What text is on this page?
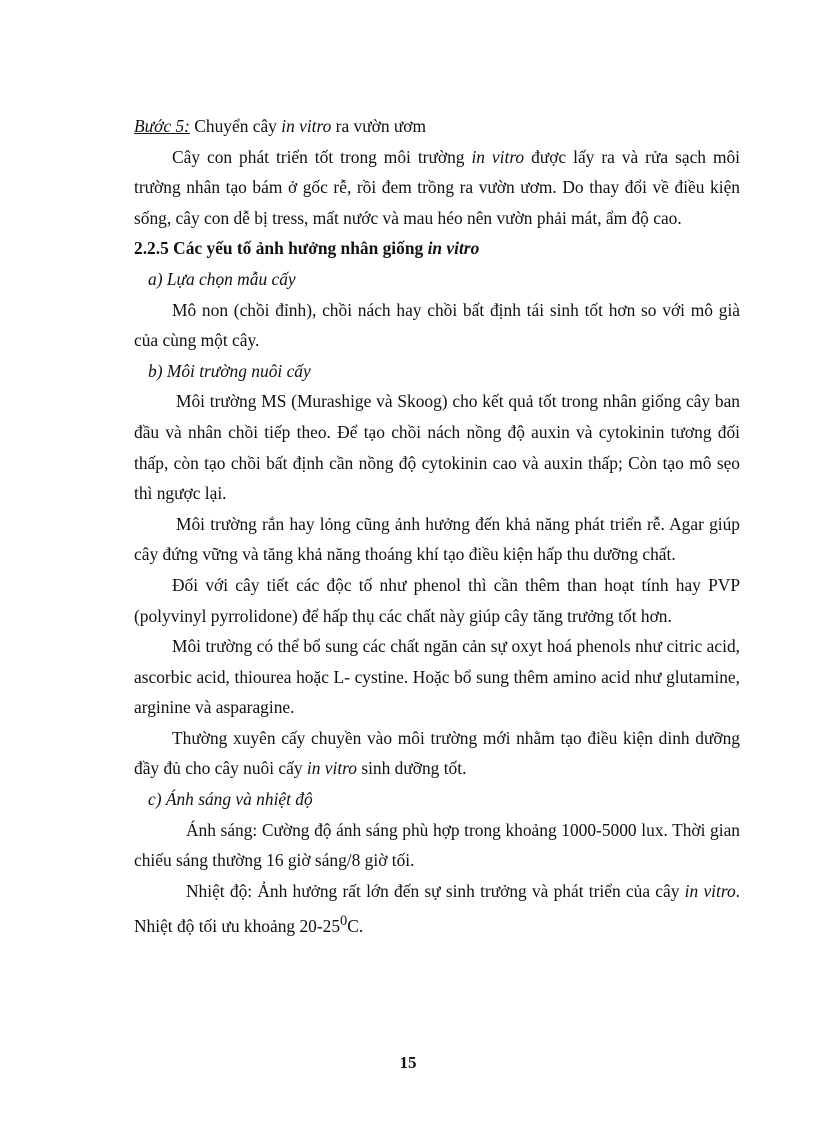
Bước 5: Chuyển cây in vitro ra vườn ươm

Cây con phát triển tốt trong môi trường in vitro được lấy ra và rửa sạch môi trường nhân tạo bám ở gốc rễ, rồi đem trồng ra vườn ươm. Do thay đổi về điều kiện sống, cây con dễ bị tress, mất nước và mau héo nên vườn phải mát, ẩm độ cao.

2.2.5 Các yếu tố ảnh hưởng nhân giống in vitro

a) Lựa chọn mẫu cấy

Mô non (chồi đỉnh), chồi nách hay chồi bất định tái sinh tốt hơn so với mô già của cùng một cây.

b) Môi trường nuôi cấy

Môi trường MS (Murashige và Skoog) cho kết quả tốt trong nhân giống cây ban đầu và nhân chồi tiếp theo. Để tạo chồi nách nồng độ auxin và cytokinin tương đối thấp, còn tạo chồi bất định cần nồng độ cytokinin cao và auxin thấp; Còn tạo mô sẹo thì ngược lại.

Môi trường rắn hay lỏng cũng ảnh hưởng đến khả năng phát triển rễ. Agar giúp cây đứng vững và tăng khả năng thoáng khí tạo điều kiện hấp thu dưỡng chất.

Đối với cây tiết các độc tố như phenol thì cần thêm than hoạt tính hay PVP (polyvinyl pyrrolidone) để hấp thụ các chất này giúp cây tăng trưởng tốt hơn.

Môi trường có thể bổ sung các chất ngăn cản sự oxyt hoá phenols như citric acid, ascorbic acid, thiourea hoặc L- cystine. Hoặc bổ sung thêm amino acid như glutamine, arginine và asparagine.

Thường xuyên cấy chuyền vào môi trường mới nhằm tạo điều kiện dinh dưỡng đầy đủ cho cây nuôi cấy in vitro sinh dưỡng tốt.

c) Ánh sáng và nhiệt độ

Ánh sáng: Cường độ ánh sáng phù hợp trong khoảng 1000-5000 lux. Thời gian chiếu sáng thường 16 giờ sáng/8 giờ tối.

Nhiệt độ: Ảnh hưởng rất lớn đến sự sinh trưởng và phát triển của cây in vitro. Nhiệt độ tối ưu khoảng $20-25^0C$.

15
